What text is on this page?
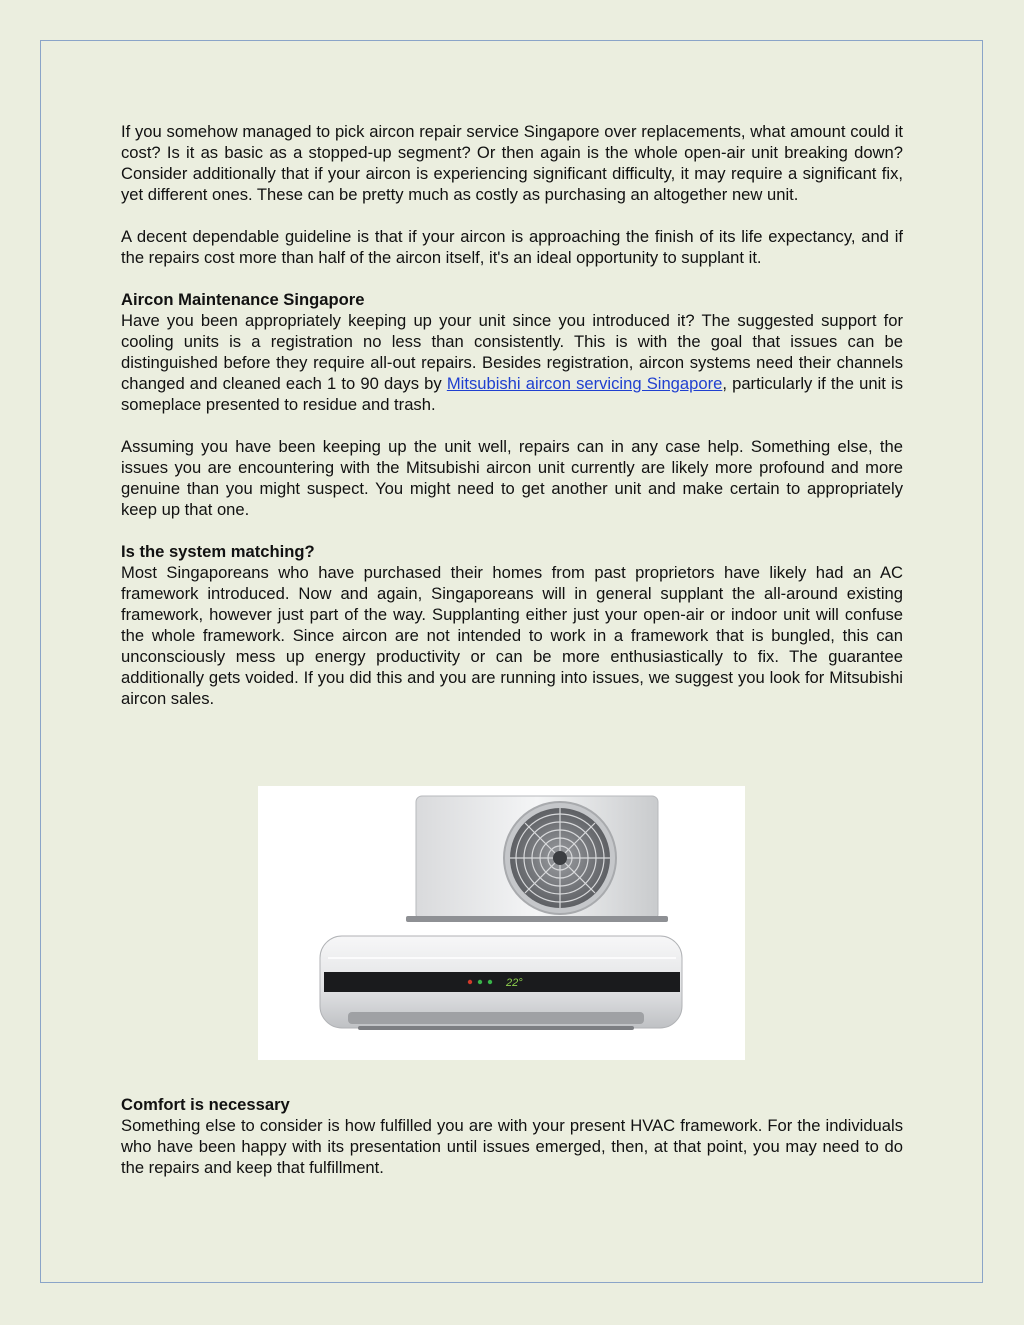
If you somehow managed to pick aircon repair service Singapore over replacements, what amount could it cost? Is it as basic as a stopped-up segment? Or then again is the whole open-air unit breaking down? Consider additionally that if your aircon is experiencing significant difficulty, it may require a significant fix, yet different ones. These can be pretty much as costly as purchasing an altogether new unit.

A decent dependable guideline is that if your aircon is approaching the finish of its life expectancy, and if the repairs cost more than half of the aircon itself, it's an ideal opportunity to supplant it.

Aircon Maintenance Singapore

Have you been appropriately keeping up your unit since you introduced it? The suggested support for cooling units is a registration no less than consistently. This is with the goal that issues can be distinguished before they require all-out repairs. Besides registration, aircon systems need their channels changed and cleaned each 1 to 90 days by Mitsubishi aircon servicing Singapore, particularly if the unit is someplace presented to residue and trash.

Assuming you have been keeping up the unit well, repairs can in any case help. Something else, the issues you are encountering with the Mitsubishi aircon unit currently are likely more profound and more genuine than you might suspect. You might need to get another unit and make certain to appropriately keep up that one.

Is the system matching?

Most Singaporeans who have purchased their homes from past proprietors have likely had an AC framework introduced. Now and again, Singaporeans will in general supplant the all-around existing framework, however just part of the way. Supplanting either just your open-air or indoor unit will confuse the whole framework. Since aircon are not intended to work in a framework that is bungled, this can unconsciously mess up energy productivity or can be more enthusiastically to fix. The guarantee additionally gets voided. If you did this and you are running into issues, we suggest you look for Mitsubishi aircon sales.

22°

Comfort is necessary

Something else to consider is how fulfilled you are with your present HVAC framework. For the individuals who have been happy with its presentation until issues emerged, then, at that point, you may need to do the repairs and keep that fulfillment.
